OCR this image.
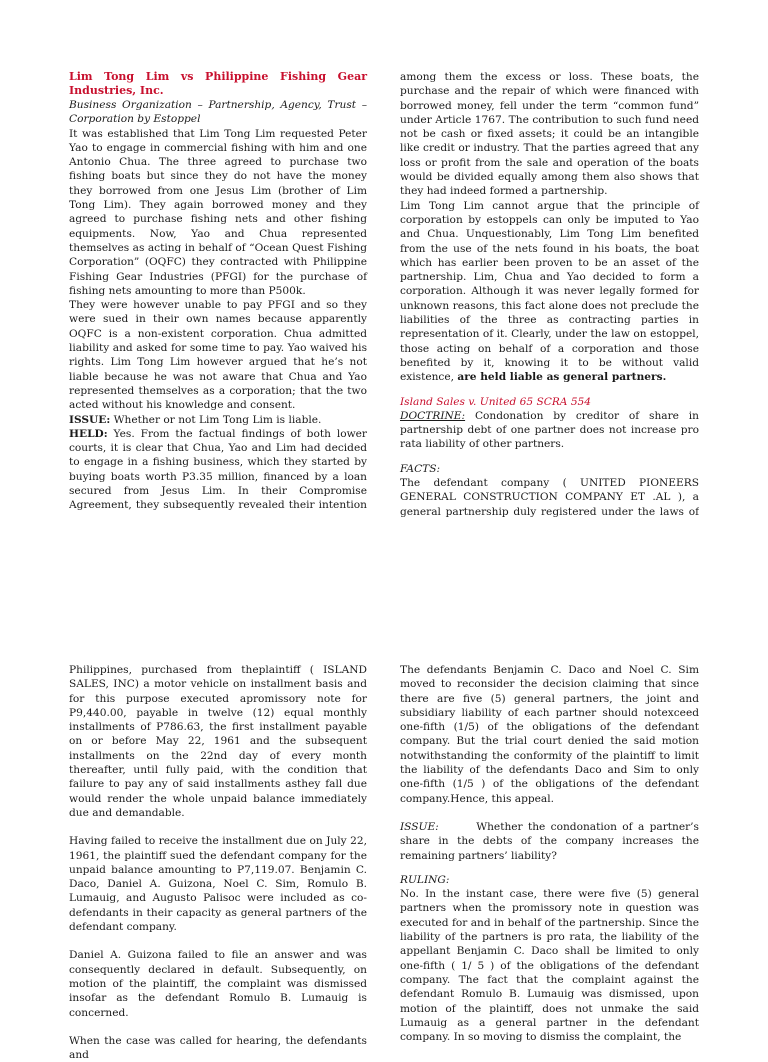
Lim Tong Lim vs Philippine Fishing Gear Industries, Inc.

Business Organization – Partnership, Agency, Trust – Corporation by Estoppel

It was established that Lim Tong Lim requested Peter Yao to engage in commercial fishing with him and one Antonio Chua. The three agreed to purchase two fishing boats but since they do not have the money they borrowed from one Jesus Lim (brother of Lim Tong Lim). They again borrowed money and they agreed to purchase fishing nets and other fishing equipments. Now, Yao and Chua represented themselves as acting in behalf of “Ocean Quest Fishing Corporation” (OQFC) they contracted with Philippine Fishing Gear Industries (PFGI) for the purchase of fishing nets amounting to more than P500k.

They were however unable to pay PFGI and so they were sued in their own names because apparently OQFC is a non-existent corporation. Chua admitted liability and asked for some time to pay. Yao waived his rights. Lim Tong Lim however argued that he’s not liable because he was not aware that Chua and Yao represented themselves as a corporation; that the two acted without his knowledge and consent.

ISSUE: Whether or not Lim Tong Lim is liable.

HELD: Yes. From the factual findings of both lower courts, it is clear that Chua, Yao and Lim had decided to engage in a fishing business, which they started by buying boats worth P3.35 million, financed by a loan secured from Jesus Lim. In their Compromise Agreement, they subsequently revealed their intention

among them the excess or loss. These boats, the purchase and the repair of which were financed with borrowed money, fell under the term “common fund” under Article 1767. The contribution to such fund need not be cash or fixed assets; it could be an intangible like credit or industry. That the parties agreed that any loss or profit from the sale and operation of the boats would be divided equally among them also shows that they had indeed formed a partnership.

Lim Tong Lim cannot argue that the principle of corporation by estoppels can only be imputed to Yao and Chua. Unquestionably, Lim Tong Lim benefited from the use of the nets found in his boats, the boat which has earlier been proven to be an asset of the partnership. Lim, Chua and Yao decided to form a corporation. Although it was never legally formed for unknown reasons, this fact alone does not preclude the liabilities of the three as contracting parties in representation of it. Clearly, under the law on estoppel, those acting on behalf of a corporation and those benefited by it, knowing it to be without valid existence, are held liable as general partners.

Island Sales v. United 65 SCRA 554

DOCTRINE: Condonation by creditor of share in partnership debt of one partner does not increase pro rata liability of other partners.

FACTS:

The defendant company ( UNITED PIONEERS GENERAL CONSTRUCTION COMPANY ET .AL ), a general partnership duly registered under the laws of

Philippines, purchased from theplaintiff ( ISLAND SALES, INC) a motor vehicle on installment basis and for this purpose executed apromissory note for P9,440.00, payable in twelve (12) equal monthly installments of P786.63, the first installment payable on or before May 22, 1961 and the subsequent installments on the 22nd day of every month thereafter, until fully paid, with the condition that failure to pay any of said installments asthey fall due would render the whole unpaid balance immediately due and demandable.

Having failed to receive the installment due on July 22, 1961, the plaintiff sued the defendant company for the unpaid balance amounting to P7,119.07. Benjamin C. Daco, Daniel A. Guizona, Noel C. Sim, Romulo B. Lumauig, and Augusto Palisoc were included as co-defendants in their capacity as general partners of the defendant company.

Daniel A. Guizona failed to file an answer and was consequently declared in default. Subsequently, on motion of the plaintiff, the complaint was dismissed insofar as the defendant Romulo B. Lumauig is concerned.

When the case was called for hearing, the defendants and

The defendants Benjamin C. Daco and Noel C. Sim moved to reconsider the decision claiming that since there are five (5) general partners, the joint and subsidiary liability of each partner should notexceed one-fifth (1/5) of the obligations of the defendant company. But the trial court denied the said motion notwithstanding the conformity of the plaintiff to limit the liability of the defendants Daco and Sim to only one-fifth (1/5 ) of the obligations of the defendant company.Hence, this appeal.

ISSUE:       Whether the condonation of a partner’s share in the debts of the company increases the remaining partners’ liability?

RULING:

No. In the instant case, there were five (5) general partners when the promissory note in question was executed for and in behalf of the partnership. Since the liability of the partners is pro rata, the liability of the appellant Benjamin C. Daco shall be limited to only one-fifth ( 1/ 5 ) of the obligations of the defendant company. The fact that the complaint against the defendant Romulo B. Lumauig was dismissed, upon motion of the plaintiff, does not unmake the said Lumauig as a general partner in the defendant company. In so moving to dismiss the complaint, the
